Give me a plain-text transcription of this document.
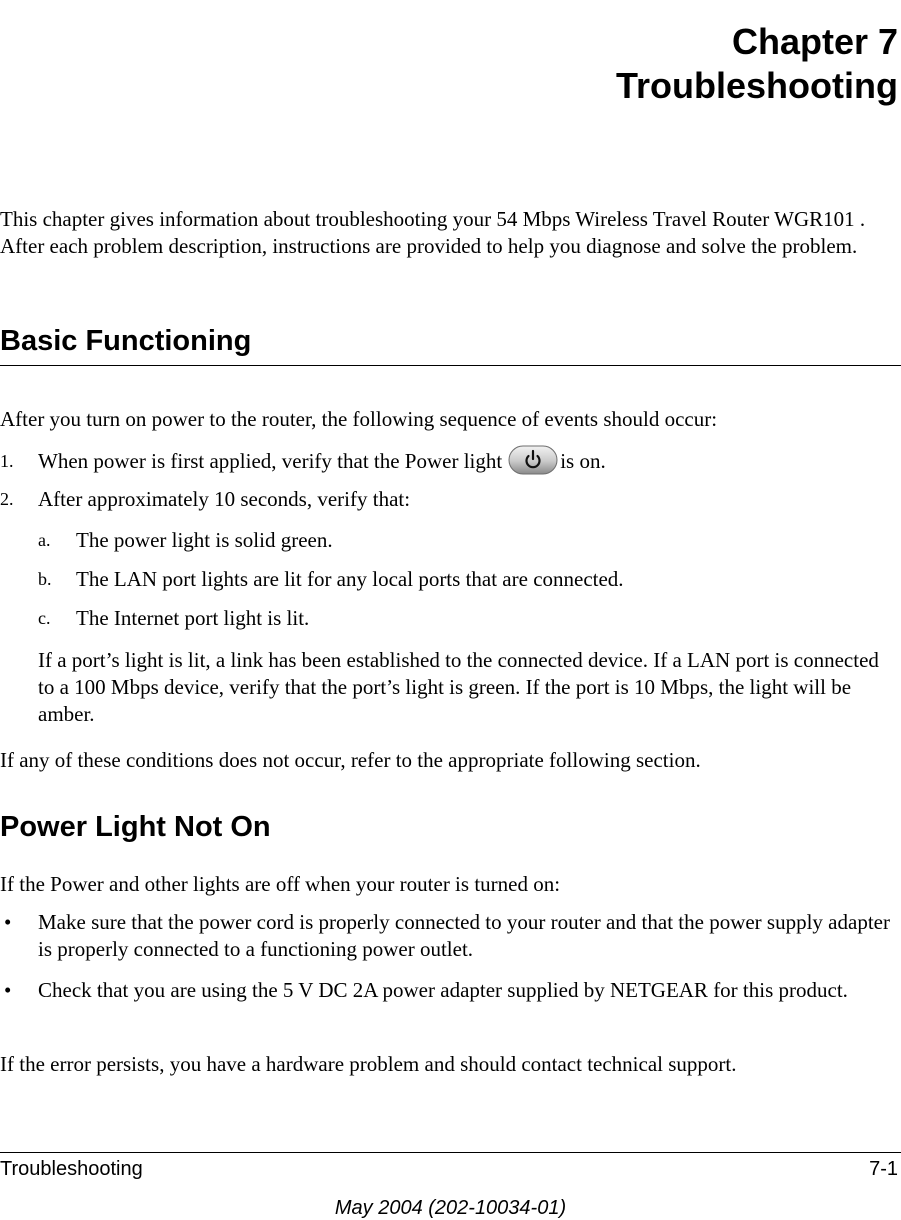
Chapter 7
Troubleshooting
This chapter gives information about troubleshooting your 54 Mbps Wireless Travel Router WGR101 . After each problem description, instructions are provided to help you diagnose and solve the problem.
Basic Functioning
After you turn on power to the router, the following sequence of events should occur:
1. When power is first applied, verify that the Power light	is on.
2. After approximately 10 seconds, verify that:
a. The power light is solid green.
b. The LAN port lights are lit for any local ports that are connected.
c. The Internet port light is lit.
If a port’s light is lit, a link has been established to the connected device. If a LAN port is connected to a 100 Mbps device, verify that the port’s light is green. If the port is 10 Mbps, the light will be amber.
If any of these conditions does not occur, refer to the appropriate following section.
Power Light Not On
If the Power and other lights are off when your router is turned on:
• Make sure that the power cord is properly connected to your router and that the power supply adapter is properly connected to a functioning power outlet.
• Check that you are using the 5 V DC 2A power adapter supplied by NETGEAR for this product.
If the error persists, you have a hardware problem and should contact technical support.
Troubleshooting	7-1
May 2004 (202-10034-01)
